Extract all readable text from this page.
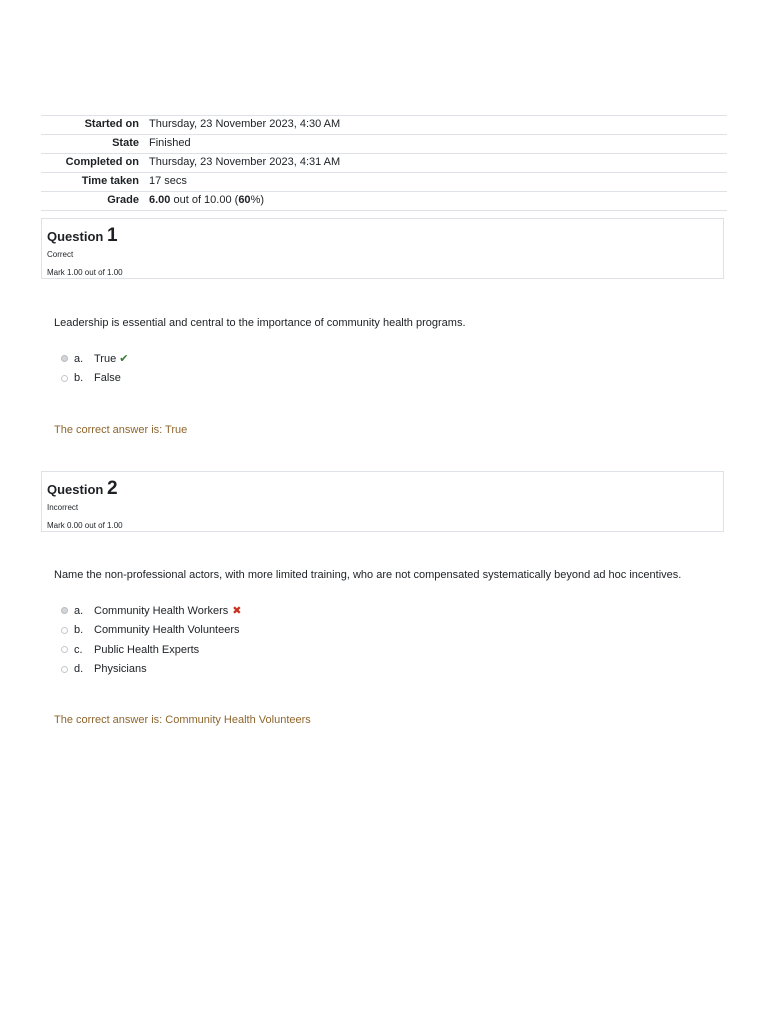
Started on	Thursday, 23 November 2023, 4:30 AM
State	Finished
Completed on	Thursday, 23 November 2023, 4:31 AM
Time taken	17 secs
Grade	6.00 out of 10.00 (60%)
Question 1
Correct
Mark 1.00 out of 1.00
Leadership is essential and central to the importance of community health programs.
a. True ✔
b. False
The correct answer is: True
Question 2
Incorrect
Mark 0.00 out of 1.00
Name the non-professional actors, with more limited training, who are not compensated systematically beyond ad hoc incentives.
a. Community Health Workers ✖
b. Community Health Volunteers
c.	Public Health Experts
d. Physicians
The correct answer is: Community Health Volunteers
